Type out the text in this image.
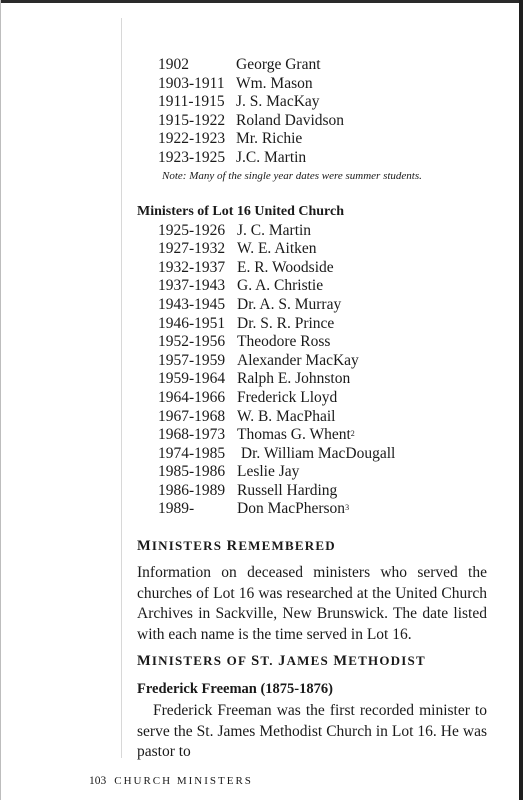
1902	George Grant
1903-1911 Wm. Mason
1911-1915 J. S. MacKay
1915-1922 Roland Davidson
1922-1923 Mr. Richie
1923-1925 J.C. Martin
Note: Many of the single year dates were summer students.
Ministers of Lot 16 United Church
1925-1926 J. C. Martin
1927-1932 W. E. Aitken
1932-1937 E. R. Woodside
1937-1943 G. A. Christie
1943-1945 Dr. A. S. Murray
1946-1951 Dr. S. R. Prince
1952-1956 Theodore Ross
1957-1959 Alexander MacKay
1959-1964 Ralph E. Johnston
1964-1966 Frederick Lloyd
1967-1968 W. B. MacPhail
1968-1973 Thomas G. Whent$^2$
1974-1985 Dr. William MacDougall
1985-1986 Leslie Jay
1986-1989 Russell Harding
1989-	Don MacPherson$^3$
MINISTERS REMEMBERED
Information on deceased ministers who served the churches of Lot 16 was researched at the United Church Archives in Sackville, New Brunswick. The date listed with each name is the time served in Lot 16.
MINISTERS OF ST. JAMES METHODIST
Frederick Freeman (1875-1876)
Frederick Freeman was the first recorded minister to serve the St. James Methodist Church in Lot 16. He was pastor to
103 CHURCH MINISTERS
